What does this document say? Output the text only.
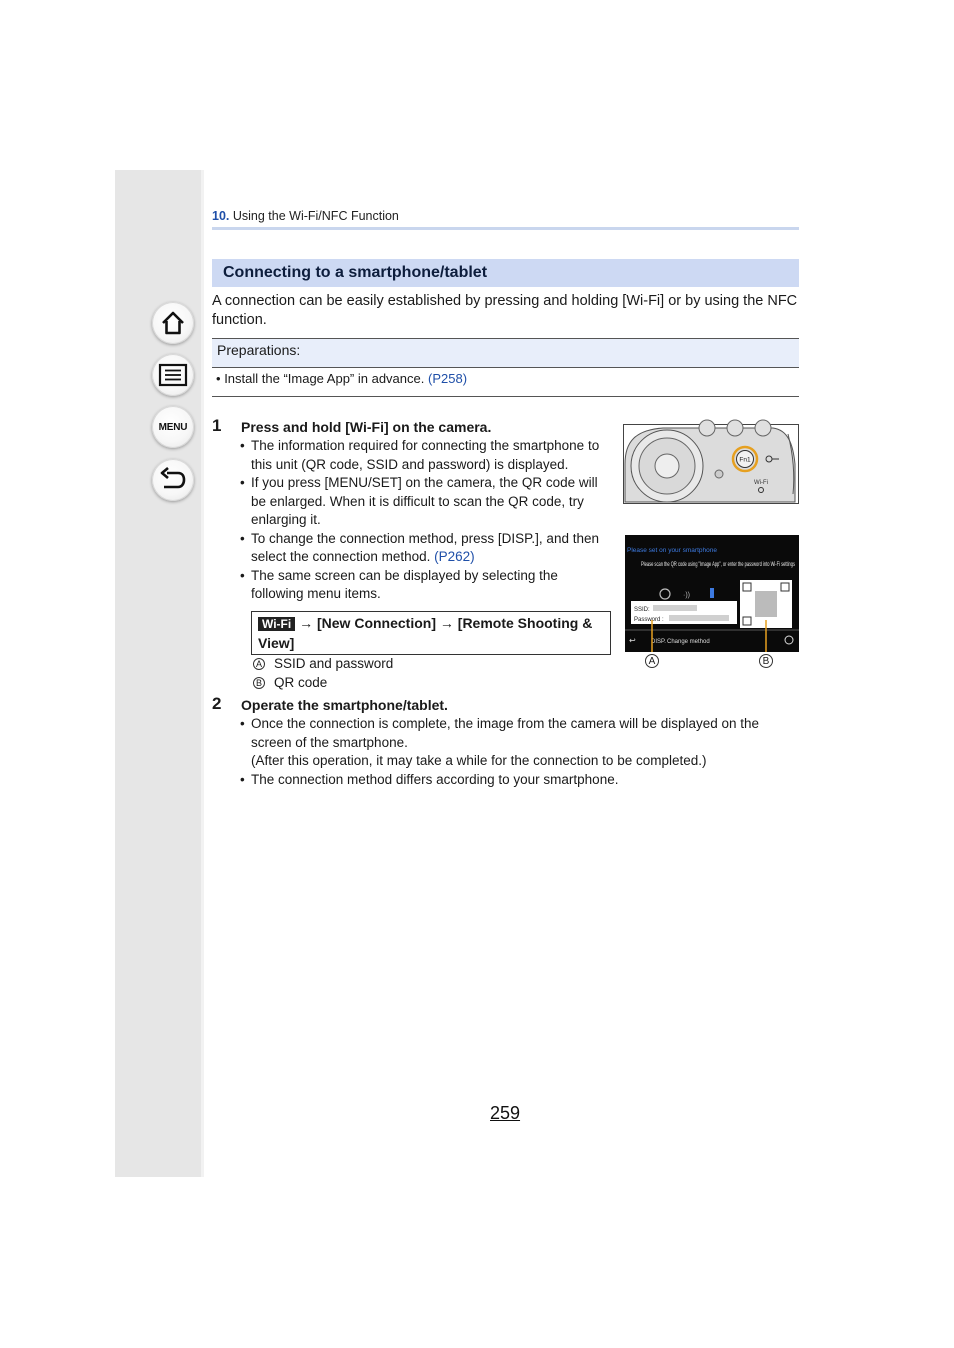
MENU
10. Using the Wi-Fi/NFC Function
Connecting to a smartphone/tablet
A connection can be easily established by pressing and holding [Wi-Fi] or by using the NFC function.
Preparations:
• Install the “Image App” in advance. (P258)
1 Press and hold [Wi-Fi] on the camera.
• The information required for connecting the smartphone to this unit (QR code, SSID and password) is displayed.
• If you press [MENU/SET] on the camera, the QR code will be enlarged. When it is difficult to scan the QR code, try enlarging it.
• To change the connection method, press [DISP.], and then select the connection method. (P262)
• The same screen can be displayed by selecting the following menu items.
Wi-Fi → [New Connection] → [Remote Shooting & View]
A SSID and password
B QR code
Fn1
Wi-Fi
Please set on your smartphone
Please scan the QR code using "Image App", or enter the password into Wi-Fi settings
SSID:
Password :
·))
↩	DISP. Change method
A	B
2 Operate the smartphone/tablet.
• Once the connection is complete, the image from the camera will be displayed on the screen of the smartphone.
(After this operation, it may take a while for the connection to be completed.)
• The connection method differs according to your smartphone.
259
